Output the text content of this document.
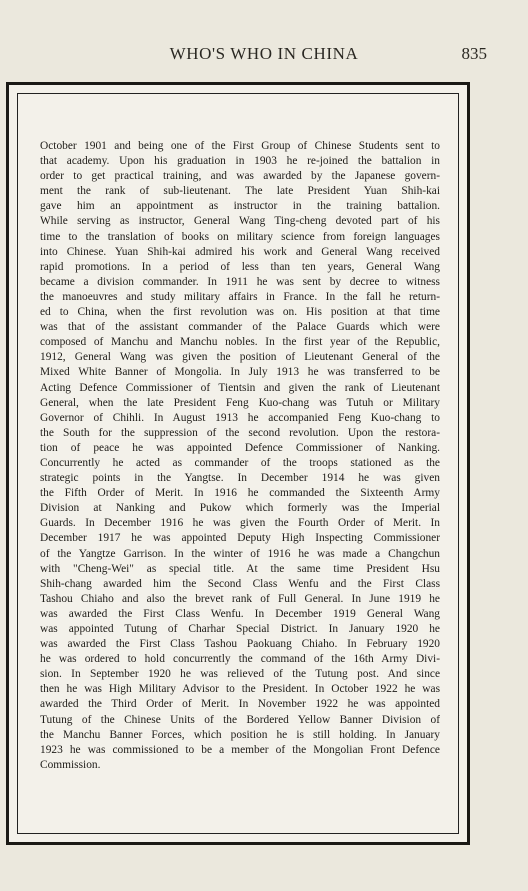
WHO'S WHO IN CHINA	835
October 1901 and being one of the First Group of Chinese Students sent to
that academy. Upon his graduation in 1903 he re-joined the battalion in
order to get practical training, and was awarded by the Japanese govern-
ment the rank of sub-lieutenant. The late President Yuan Shih-kai
gave him an appointment as instructor in the training battalion.
While serving as instructor, General Wang Ting-cheng devoted part of his
time to the translation of books on military science from foreign languages
into Chinese. Yuan Shih-kai admired his work and General Wang received
rapid promotions. In a period of less than ten years, General Wang
became a division commander. In 1911 he was sent by decree to witness
the manoeuvres and study military affairs in France. In the fall he return-
ed to China, when the first revolution was on. His position at that time
was that of the assistant commander of the Palace Guards which were
composed of Manchu and Manchu nobles. In the first year of the Republic,
1912, General Wang was given the position of Lieutenant General of the
Mixed White Banner of Mongolia. In July 1913 he was transferred to be
Acting Defence Commissioner of Tientsin and given the rank of Lieutenant
General, when the late President Feng Kuo-chang was Tutuh or Military
Governor of Chihli. In August 1913 he accompanied Feng Kuo-chang to
the South for the suppression of the second revolution. Upon the restora-
tion of peace he was appointed Defence Commissioner of Nanking.
Concurrently he acted as commander of the troops stationed as the
strategic points in the Yangtse. In December 1914 he was given
the Fifth Order of Merit. In 1916 he commanded the Sixteenth Army
Division at Nanking and Pukow which formerly was the Imperial
Guards. In December 1916 he was given the Fourth Order of Merit. In
December 1917 he was appointed Deputy High Inspecting Commissioner
of the Yangtze Garrison. In the winter of 1916 he was made a Changchun
with "Cheng-Wei" as special title. At the same time President Hsu
Shih-chang awarded him the Second Class Wenfu and the First Class
Tashou Chiaho and also the brevet rank of Full General. In June 1919 he
was awarded the First Class Wenfu. In December 1919 General Wang
was appointed Tutung of Charhar Special District. In January 1920 he
was awarded the First Class Tashou Paokuang Chiaho. In February 1920
he was ordered to hold concurrently the command of the 16th Army Divi-
sion. In September 1920 he was relieved of the Tutung post. And since
then he was High Military Advisor to the President. In October 1922 he was
awarded the Third Order of Merit. In November 1922 he was appointed
Tutung of the Chinese Units of the Bordered Yellow Banner Division of
the Manchu Banner Forces, which position he is still holding. In January
1923 he was commissioned to be a member of the Mongolian Front Defence
Commission.
